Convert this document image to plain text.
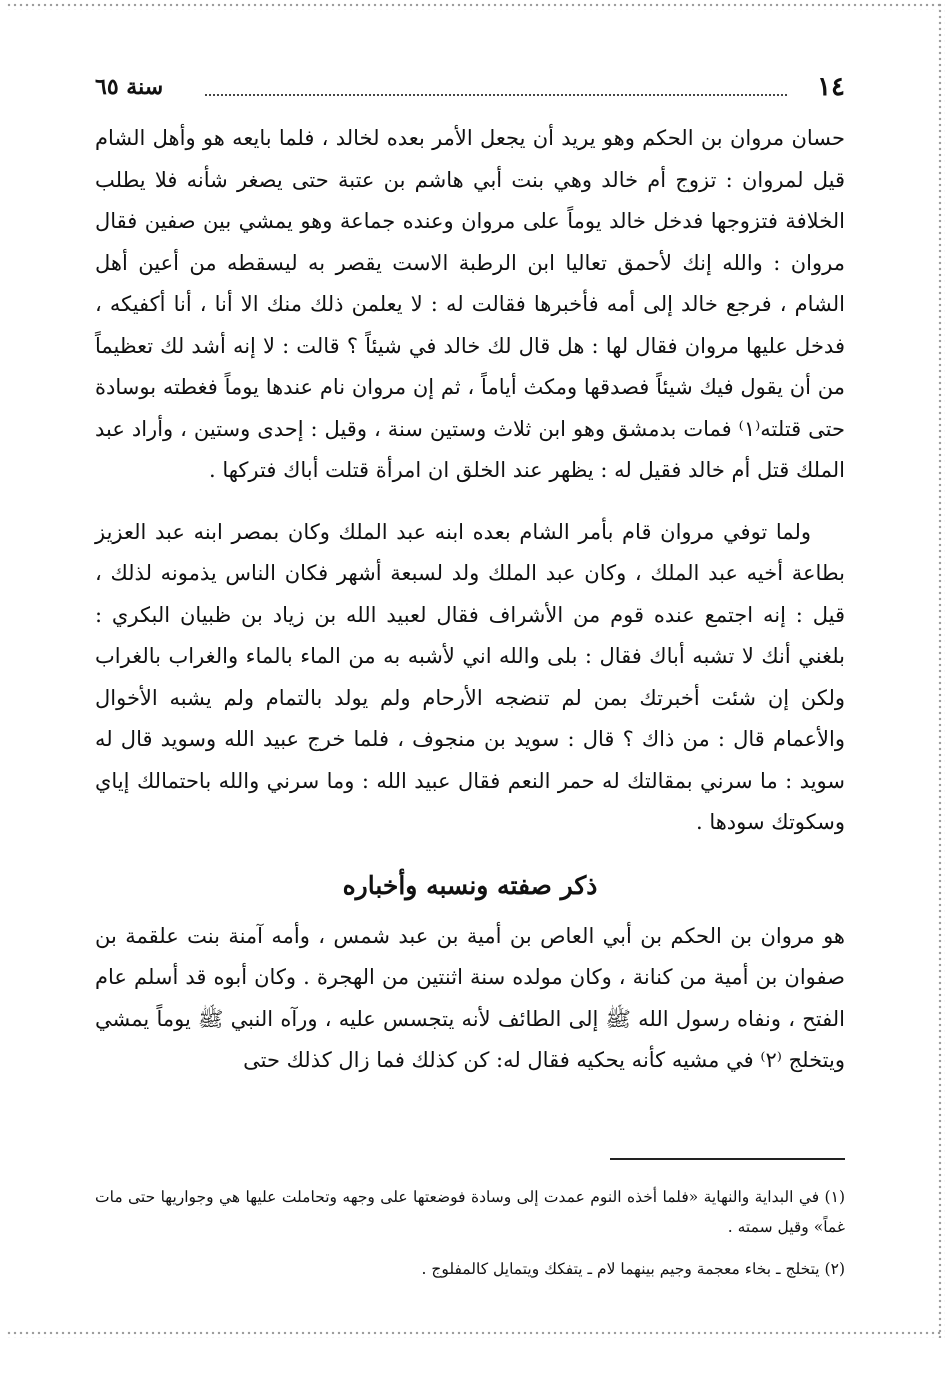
١٤
سنة ٦٥

حسان مروان بن الحكم وهو يريد أن يجعل الأمر بعده لخالد ، فلما بايعه هو وأهل الشام قيل لمروان : تزوج أم خالد وهي بنت أبي هاشم بن عتبة حتى يصغر شأنه فلا يطلب الخلافة فتزوجها فدخل خالد يوماً على مروان وعنده جماعة وهو يمشي بين صفين فقال مروان : والله إنك لأحمق تعاليا ابن الرطبة الاست يقصر به ليسقطه من أعين أهل الشام ، فرجع خالد إلى أمه فأخبرها فقالت له : لا يعلمن ذلك منك الا أنا ، أنا أكفيكه ، فدخل عليها مروان فقال لها : هل قال لك خالد في شيئاً ؟ قالت : لا إنه أشد لك تعظيماً من أن يقول فيك شيئاً فصدقها ومكث أياماً ، ثم إن مروان نام عندها يوماً فغطته بوسادة حتى قتلته⁽١⁾ فمات بدمشق وهو ابن ثلاث وستين سنة ، وقيل : إحدى وستين ، وأراد عبد الملك قتل أم خالد فقيل له : يظهر عند الخلق ان امرأة قتلت أباك فتركها .

ولما توفي مروان قام بأمر الشام بعده ابنه عبد الملك وكان بمصر ابنه عبد العزيز بطاعة أخيه عبد الملك ، وكان عبد الملك ولد لسبعة أشهر فكان الناس يذمونه لذلك ، قيل : إنه اجتمع عنده قوم من الأشراف فقال لعبيد الله بن زياد بن ظبيان البكري : بلغني أنك لا تشبه أباك فقال : بلى والله اني لأشبه به من الماء بالماء والغراب بالغراب ولكن إن شئت أخبرتك بمن لم تنضجه الأرحام ولم يولد بالتمام ولم يشبه الأخوال والأعمام قال : من ذاك ؟ قال : سويد بن منجوف ، فلما خرج عبيد الله وسويد قال له سويد : ما سرني بمقالتك له حمر النعم فقال عبيد الله : وما سرني والله باحتمالك إياي وسكوتك سودها .

ذكر صفته ونسبه وأخباره

هو مروان بن الحكم بن أبي العاص بن أمية بن عبد شمس ، وأمه آمنة بنت علقمة بن صفوان بن أمية من كنانة ، وكان مولده سنة اثنتين من الهجرة . وكان أبوه قد أسلم عام الفتح ، ونفاه رسول الله ﷺ إلى الطائف لأنه يتجسس عليه ، ورآه النبي ﷺ يوماً يمشي ويتخلج ⁽٢⁾ في مشيه كأنه يحكيه فقال له: كن كذلك فما زال كذلك حتى

(١) في البداية والنهاية «فلما أخذه النوم عمدت إلى وسادة فوضعتها على وجهه وتحاملت عليها هي وجواريها حتى مات غماً» وقيل سمته .

(٢) يتخلج ـ بخاء معجمة وجيم بينهما لام ـ يتفكك ويتمايل كالمفلوج .
